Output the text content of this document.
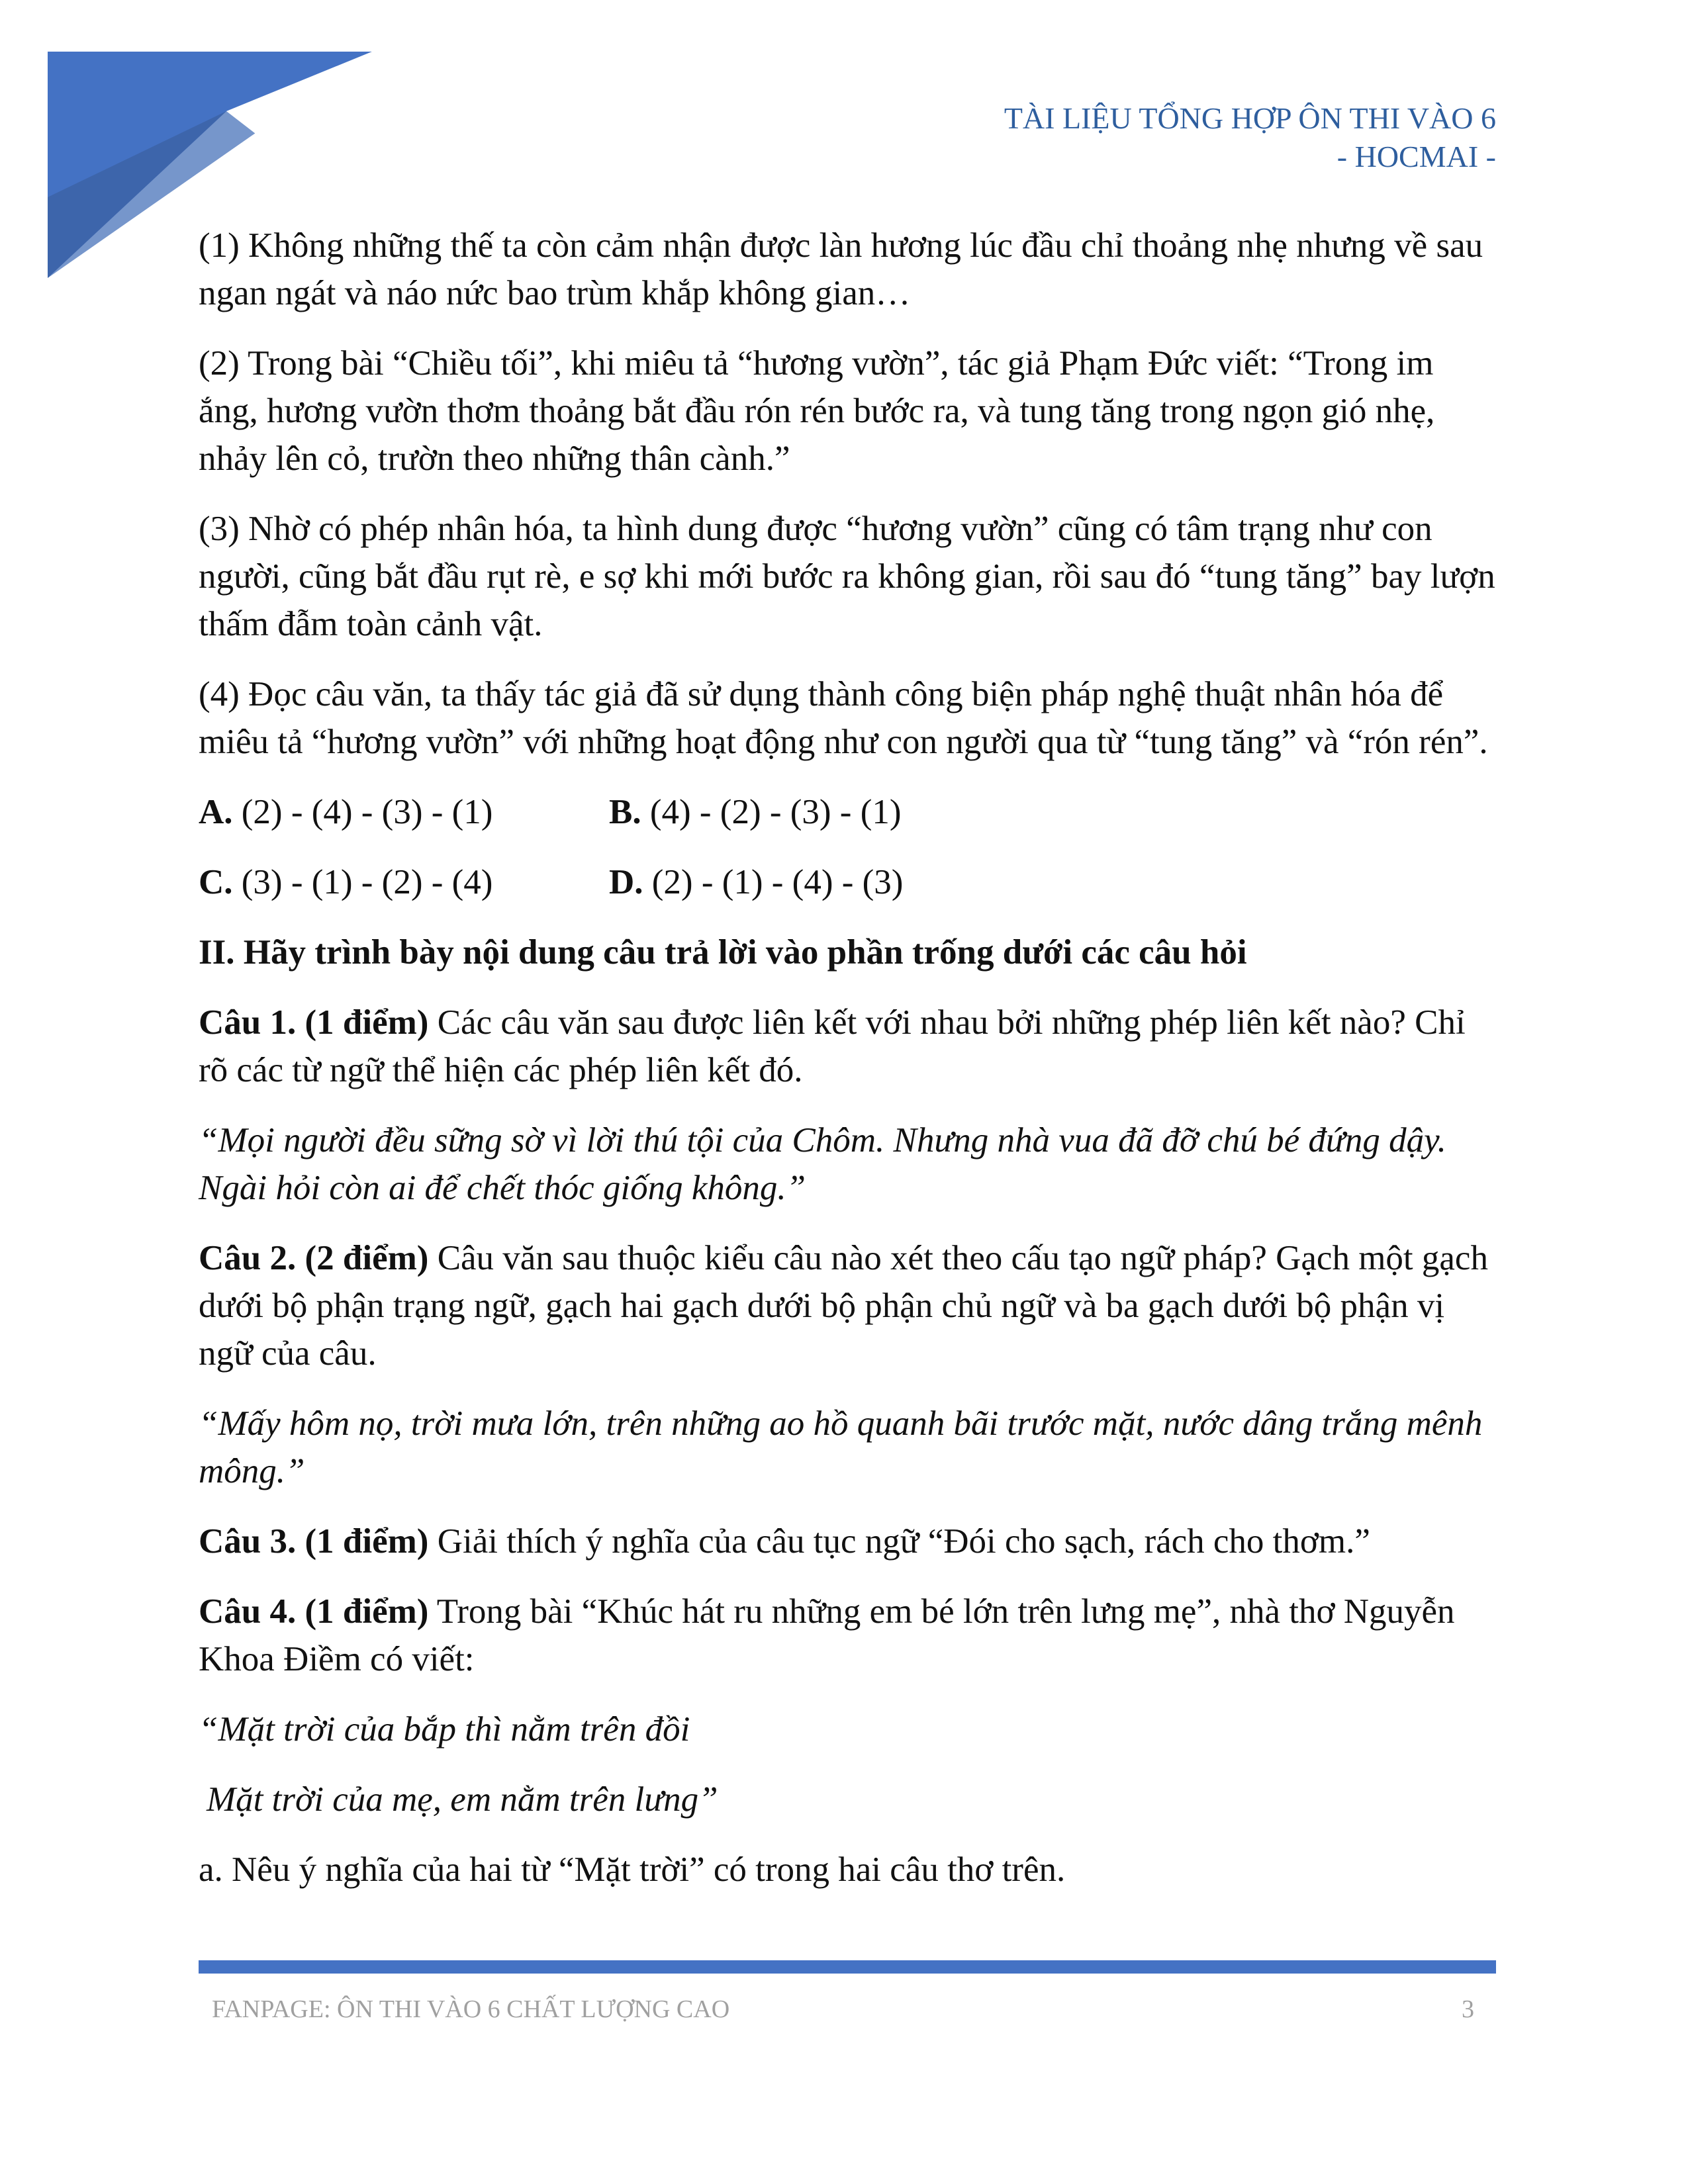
TÀI LIỆU TỔNG HỢP ÔN THI VÀO 6
- HOCMAI -

(1) Không những thế ta còn cảm nhận được làn hương lúc đầu chỉ thoảng nhẹ nhưng về sau ngan ngát và náo nức bao trùm khắp không gian…

(2) Trong bài “Chiều tối”, khi miêu tả “hương vườn”, tác giả Phạm Đức viết: “Trong im ắng, hương vườn thơm thoảng bắt đầu rón rén bước ra, và tung tăng trong ngọn gió nhẹ, nhảy lên cỏ, trườn theo những thân cành.”

(3) Nhờ có phép nhân hóa, ta hình dung được “hương vườn” cũng có tâm trạng như con người, cũng bắt đầu rụt rè, e sợ khi mới bước ra không gian, rồi sau đó “tung tăng” bay lượn thấm đẫm toàn cảnh vật.

(4) Đọc câu văn, ta thấy tác giả đã sử dụng thành công biện pháp nghệ thuật nhân hóa để miêu tả “hương vườn” với những hoạt động như con người qua từ “tung tăng” và “rón rén”.

A. (2) - (4) - (3) - (1)	B. (4) - (2) - (3) - (1)
C. (3) - (1) - (2) - (4)	D. (2) - (1) - (4) - (3)

II. Hãy trình bày nội dung câu trả lời vào phần trống dưới các câu hỏi

Câu 1. (1 điểm) Các câu văn sau được liên kết với nhau bởi những phép liên kết nào? Chỉ rõ các từ ngữ thể hiện các phép liên kết đó.

“Mọi người đều sững sờ vì lời thú tội của Chôm. Nhưng nhà vua đã đỡ chú bé đứng dậy. Ngài hỏi còn ai để chết thóc giống không.”

Câu 2. (2 điểm) Câu văn sau thuộc kiểu câu nào xét theo cấu tạo ngữ pháp? Gạch một gạch dưới bộ phận trạng ngữ, gạch hai gạch dưới bộ phận chủ ngữ và ba gạch dưới bộ phận vị ngữ của câu.

“Mấy hôm nọ, trời mưa lớn, trên những ao hồ quanh bãi trước mặt, nước dâng trắng mênh mông.”

Câu 3. (1 điểm) Giải thích ý nghĩa của câu tục ngữ “Đói cho sạch, rách cho thơm.”

Câu 4. (1 điểm) Trong bài “Khúc hát ru những em bé lớn trên lưng mẹ”, nhà thơ Nguyễn Khoa Điềm có viết:

“Mặt trời của bắp thì nằm trên đồi

Mặt trời của mẹ, em nằm trên lưng”

a. Nêu ý nghĩa của hai từ “Mặt trời” có trong hai câu thơ trên.

FANPAGE: ÔN THI VÀO 6 CHẤT LƯỢNG CAO	3
